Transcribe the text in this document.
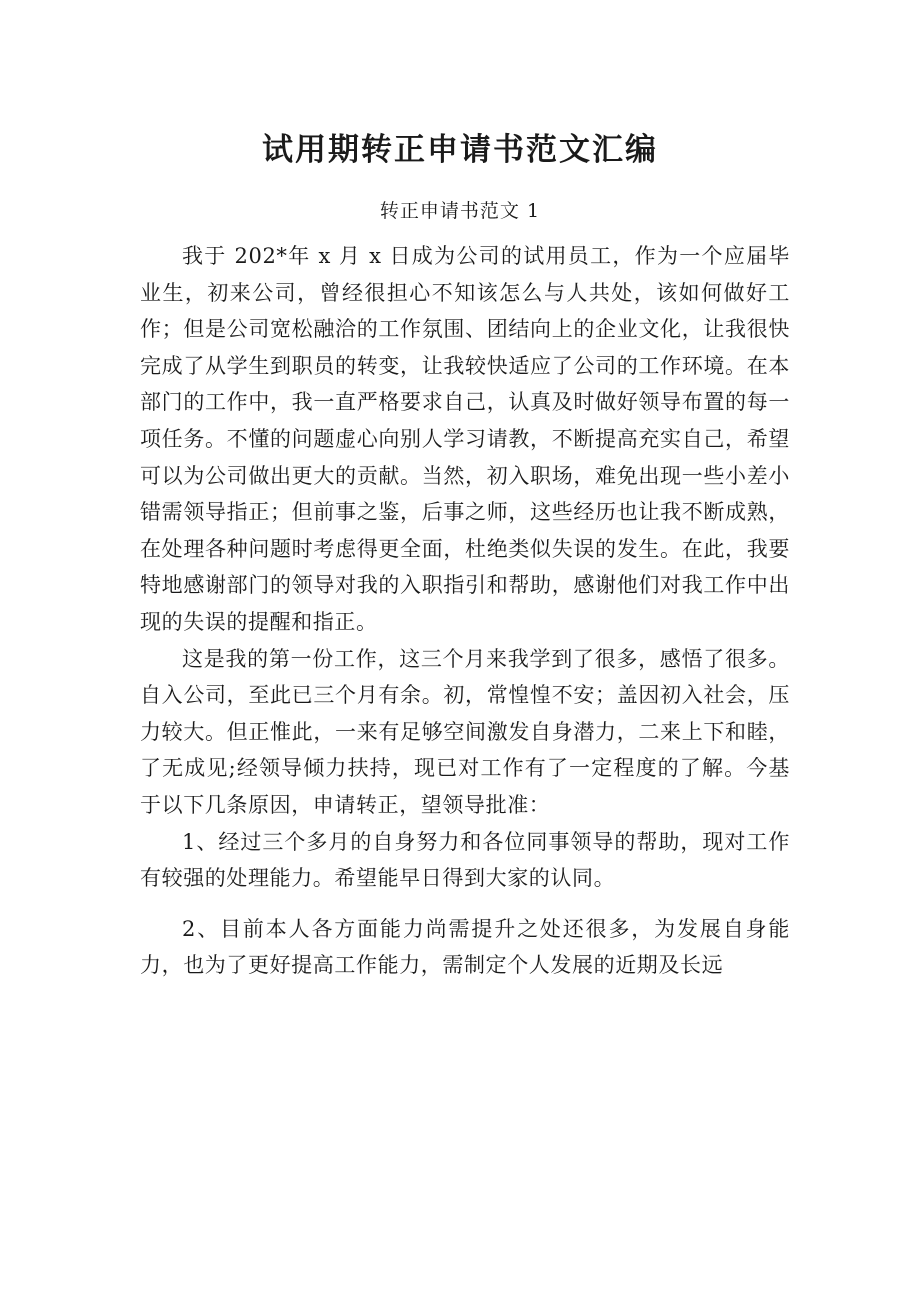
试用期转正申请书范文汇编
转正申请书范文 1

我于 202*年 x 月 x 日成为公司的试用员工，作为一个应届毕业生，初来公司，曾经很担心不知该怎么与人共处，该如何做好工作；但是公司宽松融洽的工作氛围、团结向上的企业文化，让我很快完成了从学生到职员的转变，让我较快适应了公司的工作环境。在本部门的工作中，我一直严格要求自己，认真及时做好领导布置的每一项任务。不懂的问题虚心向别人学习请教，不断提高充实自己，希望可以为公司做出更大的贡献。当然，初入职场，难免出现一些小差小错需领导指正；但前事之鉴，后事之师，这些经历也让我不断成熟，在处理各种问题时考虑得更全面，杜绝类似失误的发生。在此，我要特地感谢部门的领导对我的入职指引和帮助，感谢他们对我工作中出现的失误的提醒和指正。

这是我的第一份工作，这三个月来我学到了很多，感悟了很多。自入公司，至此已三个月有余。初，常惶惶不安；盖因初入社会，压力较大。但正惟此，一来有足够空间激发自身潜力，二来上下和睦，了无成见;经领导倾力扶持，现已对工作有了一定程度的了解。今基于以下几条原因，申请转正，望领导批准：

1、经过三个多月的自身努力和各位同事领导的帮助，现对工作有较强的处理能力。希望能早日得到大家的认同。

2、目前本人各方面能力尚需提升之处还很多，为发展自身能力，也为了更好提高工作能力，需制定个人发展的近期及长远
